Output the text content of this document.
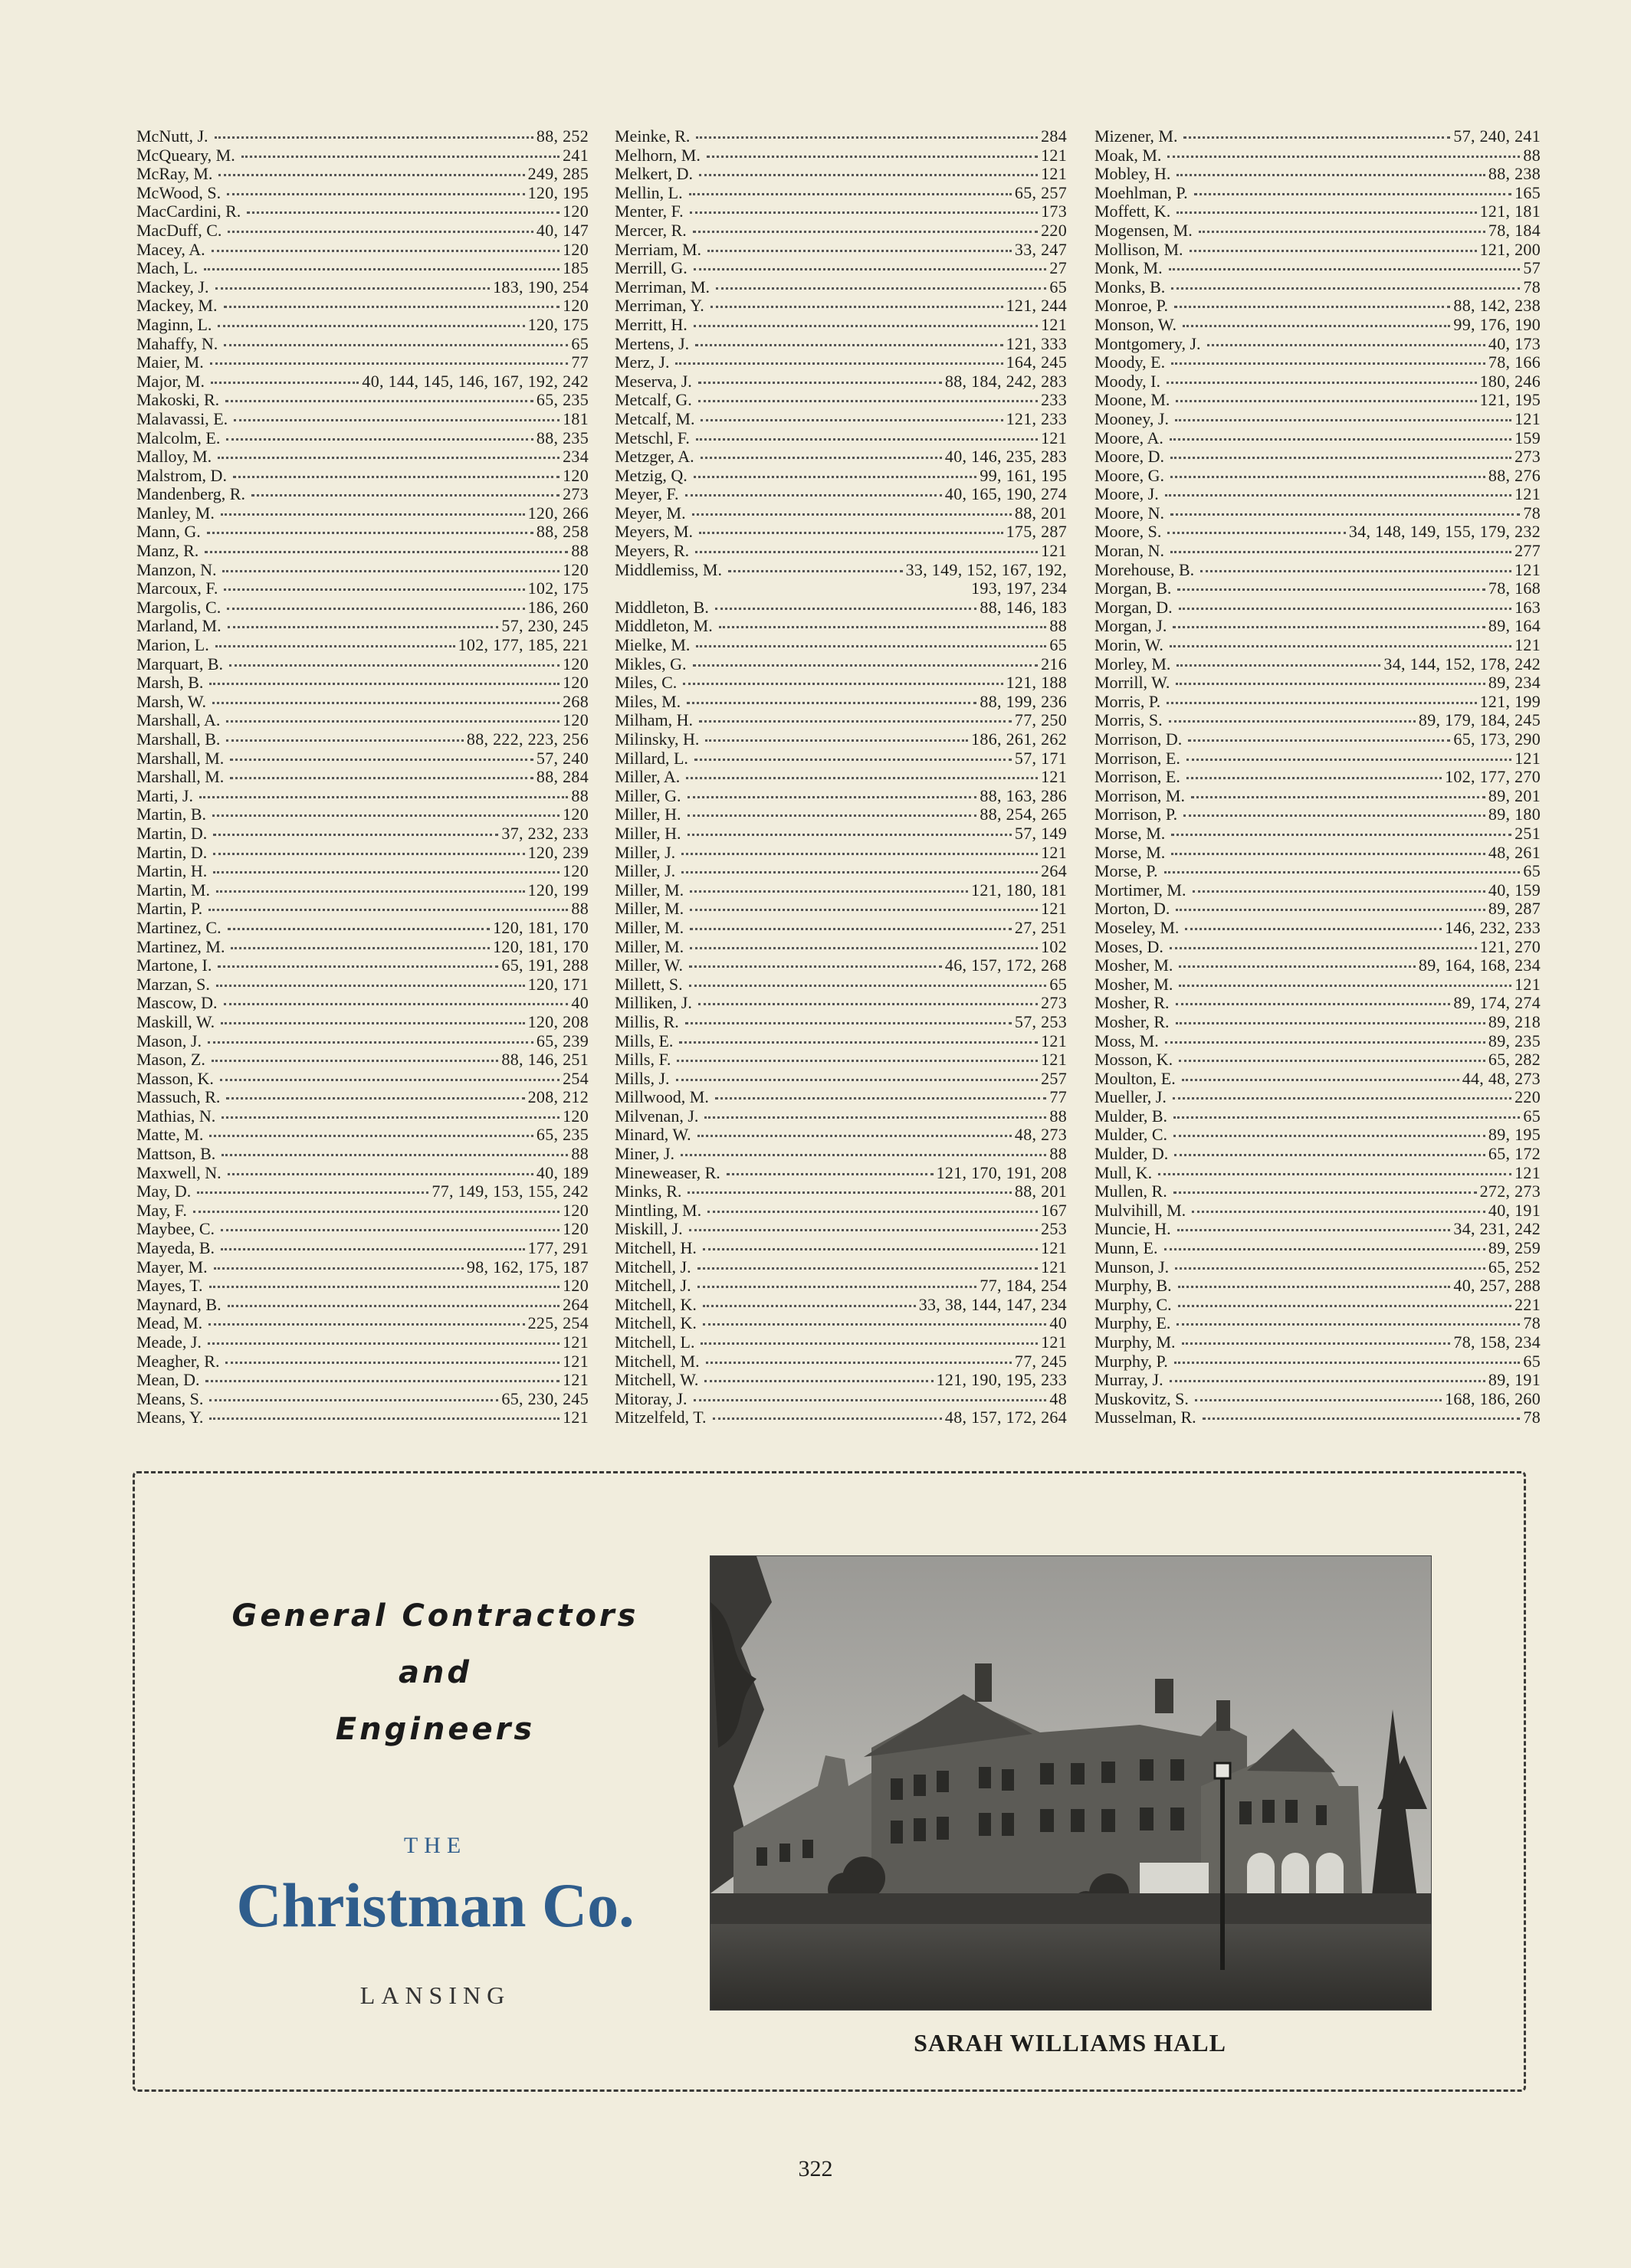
McNutt, J.	88, 252
McQueary, M.	241
McRay, M.	249, 285
McWood, S.	120, 195
MacCardini, R.	120
MacDuff, C.	40, 147
Macey, A.	120
Mach, L.	185
Mackey, J.	183, 190, 254
Mackey, M.	120
Maginn, L.	120, 175
Mahaffy, N.	65
Maier, M.	77
Major, M.	40, 144, 145, 146, 167, 192, 242
Makoski, R.	65, 235
Malavassi, E.	181
Malcolm, E.	88, 235
Malloy, M.	234
Malstrom, D.	120
Mandenberg, R.	273
Manley, M.	120, 266
Mann, G.	88, 258
Manz, R.	88
Manzon, N.	120
Marcoux, F.	102, 175
Margolis, C.	186, 260
Marland, M.	57, 230, 245
Marion, L.	102, 177, 185, 221
Marquart, B.	120
Marsh, B.	120
Marsh, W.	268
Marshall, A.	120
Marshall, B.	88, 222, 223, 256
Marshall, M.	57, 240
Marshall, M.	88, 284
Marti, J.	88
Martin, B.	120
Martin, D.	37, 232, 233
Martin, D.	120, 239
Martin, H.	120
Martin, M.	120, 199
Martin, P.	88
Martinez, C.	120, 181, 170
Martinez, M.	120, 181, 170
Martone, I.	65, 191, 288
Marzan, S.	120, 171
Mascow, D.	40
Maskill, W.	120, 208
Mason, J.	65, 239
Mason, Z.	88, 146, 251
Masson, K.	254
Massuch, R.	208, 212
Mathias, N.	120
Matte, M.	65, 235
Mattson, B.	88
Maxwell, N.	40, 189
May, D.	77, 149, 153, 155, 242
May, F.	120
Maybee, C.	120
Mayeda, B.	177, 291
Mayer, M.	98, 162, 175, 187
Mayes, T.	120
Maynard, B.	264
Mead, M.	225, 254
Meade, J.	121
Meagher, R.	121
Mean, D.	121
Means, S.	65, 230, 245
Means, Y.	121
Meinke, R.	284
Melhorn, M.	121
Melkert, D.	121
Mellin, L.	65, 257
Menter, F.	173
Mercer, R.	220
Merriam, M.	33, 247
Merrill, G.	27
Merriman, M.	65
Merriman, Y.	121, 244
Merritt, H.	121
Mertens, J.	121, 333
Merz, J.	164, 245
Meserva, J.	88, 184, 242, 283
Metcalf, G.	233
Metcalf, M.	121, 233
Metschl, F.	121
Metzger, A.	40, 146, 235, 283
Metzig, Q.	99, 161, 195
Meyer, F.	40, 165, 190, 274
Meyer, M.	88, 201
Meyers, M.	175, 287
Meyers, R.	121
Middlemiss, M.	33, 149, 152, 167, 192,
193, 197, 234
Middleton, B.	88, 146, 183
Middleton, M.	88
Mielke, M.	65
Mikles, G.	216
Miles, C.	121, 188
Miles, M.	88, 199, 236
Milham, H.	77, 250
Milinsky, H.	186, 261, 262
Millard, L.	57, 171
Miller, A.	121
Miller, G.	88, 163, 286
Miller, H.	88, 254, 265
Miller, H.	57, 149
Miller, J.	121
Miller, J.	264
Miller, M.	121, 180, 181
Miller, M.	121
Miller, M.	27, 251
Miller, M.	102
Miller, W.	46, 157, 172, 268
Millett, S.	65
Milliken, J.	273
Millis, R.	57, 253
Mills, E.	121
Mills, F.	121
Mills, J.	257
Millwood, M.	77
Milvenan, J.	88
Minard, W.	48, 273
Miner, J.	88
Mineweaser, R.	121, 170, 191, 208
Minks, R.	88, 201
Mintling, M.	167
Miskill, J.	253
Mitchell, H.	121
Mitchell, J.	121
Mitchell, J.	77, 184, 254
Mitchell, K.	33, 38, 144, 147, 234
Mitchell, K.	40
Mitchell, L.	121
Mitchell, M.	77, 245
Mitchell, W.	121, 190, 195, 233
Mitoray, J.	48
Mitzelfeld, T.	48, 157, 172, 264
Mizener, M.	57, 240, 241
Moak, M.	88
Mobley, H.	88, 238
Moehlman, P.	165
Moffett, K.	121, 181
Mogensen, M.	78, 184
Mollison, M.	121, 200
Monk, M.	57
Monks, B.	78
Monroe, P.	88, 142, 238
Monson, W.	99, 176, 190
Montgomery, J.	40, 173
Moody, E.	78, 166
Moody, I.	180, 246
Moone, M.	121, 195
Mooney, J.	121
Moore, A.	159
Moore, D.	273
Moore, G.	88, 276
Moore, J.	121
Moore, N.	78
Moore, S.	34, 148, 149, 155, 179, 232
Moran, N.	277
Morehouse, B.	121
Morgan, B.	78, 168
Morgan, D.	163
Morgan, J.	89, 164
Morin, W.	121
Morley, M.	34, 144, 152, 178, 242
Morrill, W.	89, 234
Morris, P.	121, 199
Morris, S.	89, 179, 184, 245
Morrison, D.	65, 173, 290
Morrison, E.	121
Morrison, E.	102, 177, 270
Morrison, M.	89, 201
Morrison, P.	89, 180
Morse, M.	251
Morse, M.	48, 261
Morse, P.	65
Mortimer, M.	40, 159
Morton, D.	89, 287
Moseley, M.	146, 232, 233
Moses, D.	121, 270
Mosher, M.	89, 164, 168, 234
Mosher, M.	121
Mosher, R.	89, 174, 274
Mosher, R.	89, 218
Moss, M.	89, 235
Mosson, K.	65, 282
Moulton, E.	44, 48, 273
Mueller, J.	220
Mulder, B.	65
Mulder, C.	89, 195
Mulder, D.	65, 172
Mull, K.	121
Mullen, R.	272, 273
Mulvihill, M.	40, 191
Muncie, H.	34, 231, 242
Munn, E.	89, 259
Munson, J.	65, 252
Murphy, B.	40, 257, 288
Murphy, C.	221
Murphy, E.	78
Murphy, M.	78, 158, 234
Murphy, P.	65
Murray, J.	89, 191
Muskovitz, S.	168, 186, 260
Musselman, R.	78
General Contractors
and
Engineers
THE
Christman Co.
LANSING
SARAH WILLIAMS HALL
322
